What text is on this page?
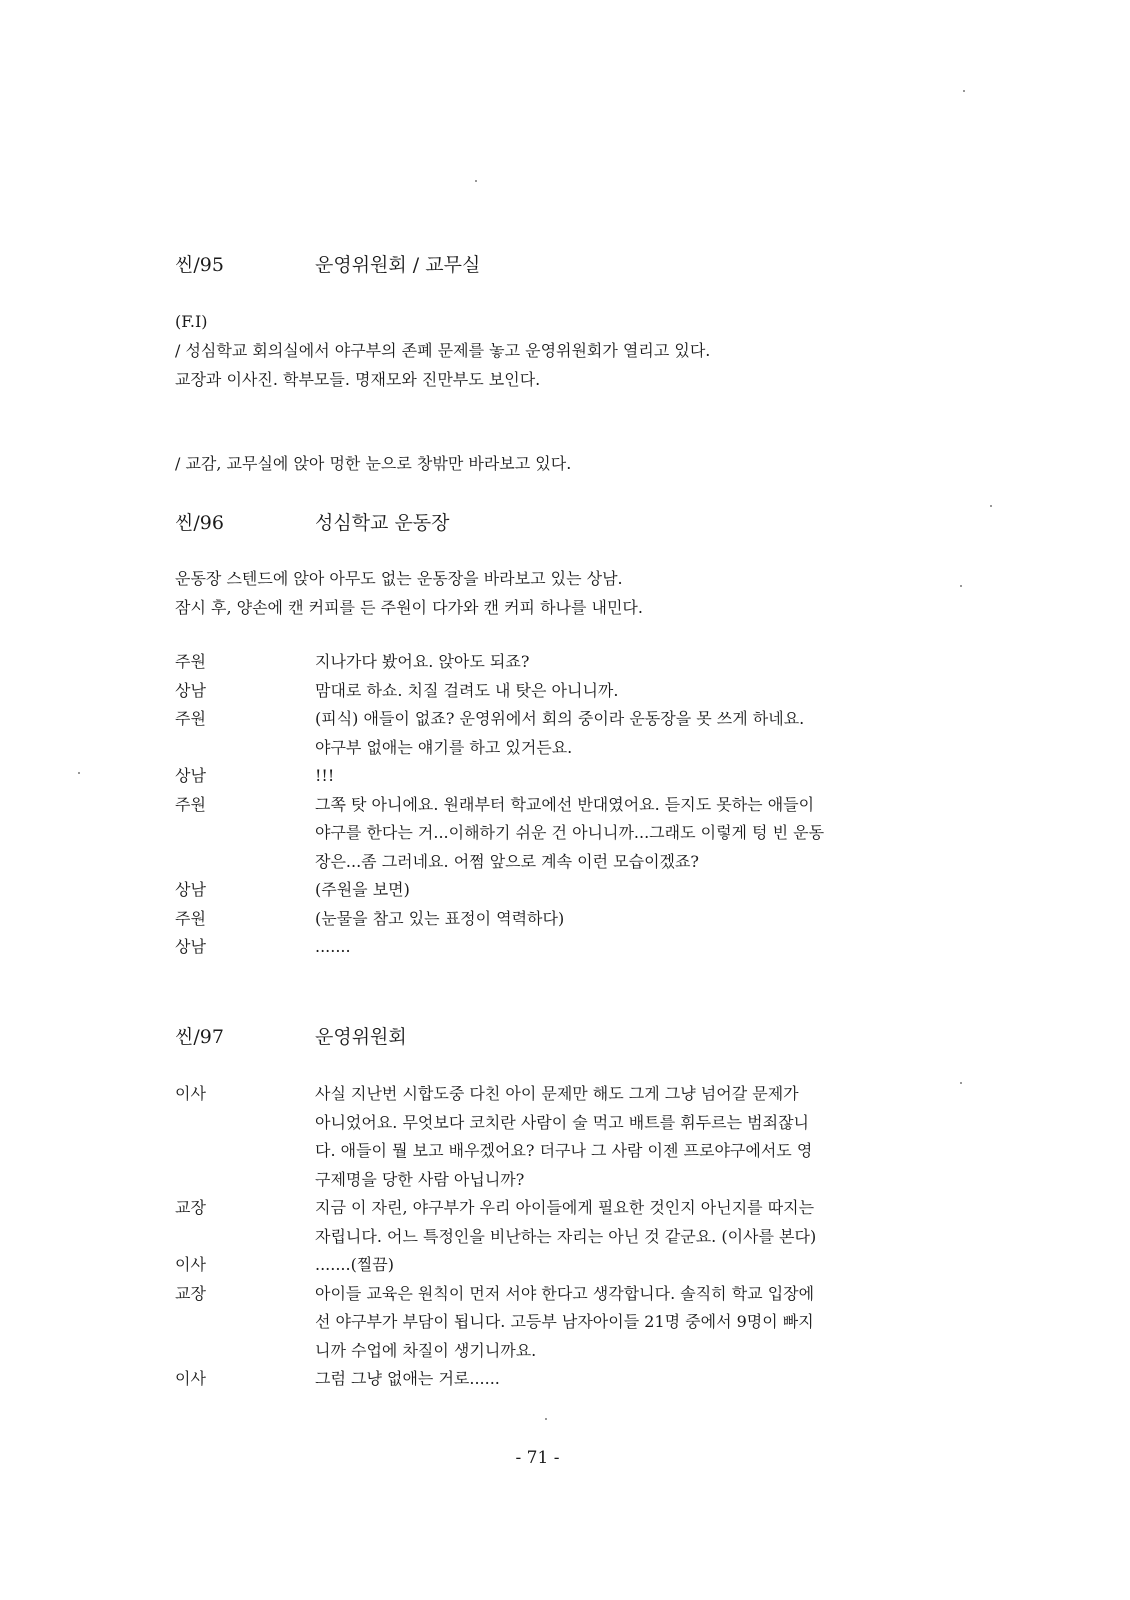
씬/95	운영위원회 / 교무실
(F.I)
/ 성심학교 회의실에서 야구부의 존폐 문제를 놓고 운영위원회가 열리고 있다.
교장과 이사진. 학부모들. 명재모와 진만부도 보인다.
/ 교감, 교무실에 앉아 멍한 눈으로 창밖만 바라보고 있다.
씬/96	성심학교 운동장
운동장 스텐드에 앉아 아무도 없는 운동장을 바라보고 있는 상남.
잠시 후, 양손에 캔 커피를 든 주원이 다가와 캔 커피 하나를 내민다.
주원	지나가다 봤어요. 앉아도 되죠?
상남	맘대로 하쇼. 치질 걸려도 내 탓은 아니니까.
주원	(피식) 애들이 없죠? 운영위에서 회의 중이라 운동장을 못 쓰게 하네요.
야구부 없애는 얘기를 하고 있거든요.
상남	!!!
주원	그쪽 탓 아니에요. 원래부터 학교에선 반대였어요. 듣지도 못하는 애들이
야구를 한다는 거...이해하기 쉬운 건 아니니까...그래도 이렇게 텅 빈 운동
장은...좀 그러네요. 어쩜 앞으로 계속 이런 모습이겠죠?
상남	(주원을 보면)
주원	(눈물을 참고 있는 표정이 역력하다)
상남	.......
씬/97	운영위원회
이사	사실 지난번 시합도중 다친 아이 문제만 해도 그게 그냥 넘어갈 문제가
아니었어요. 무엇보다 코치란 사람이 술 먹고 배트를 휘두르는 범죄잖니
다. 애들이 뭘 보고 배우겠어요? 더구나 그 사람 이젠 프로야구에서도 영
구제명을 당한 사람 아닙니까?
교장	지금 이 자린, 야구부가 우리 아이들에게 필요한 것인지 아닌지를 따지는
자립니다. 어느 특정인을 비난하는 자리는 아닌 것 같군요. (이사를 본다)
이사	.......(찔끔)
교장	아이들 교육은 원칙이 먼저 서야 한다고 생각합니다. 솔직히 학교 입장에
선 야구부가 부담이 됩니다. 고등부 남자아이들 21명 중에서 9명이 빠지
니까 수업에 차질이 생기니까요.
이사	그럼 그냥 없애는 거로......
- 71 -
